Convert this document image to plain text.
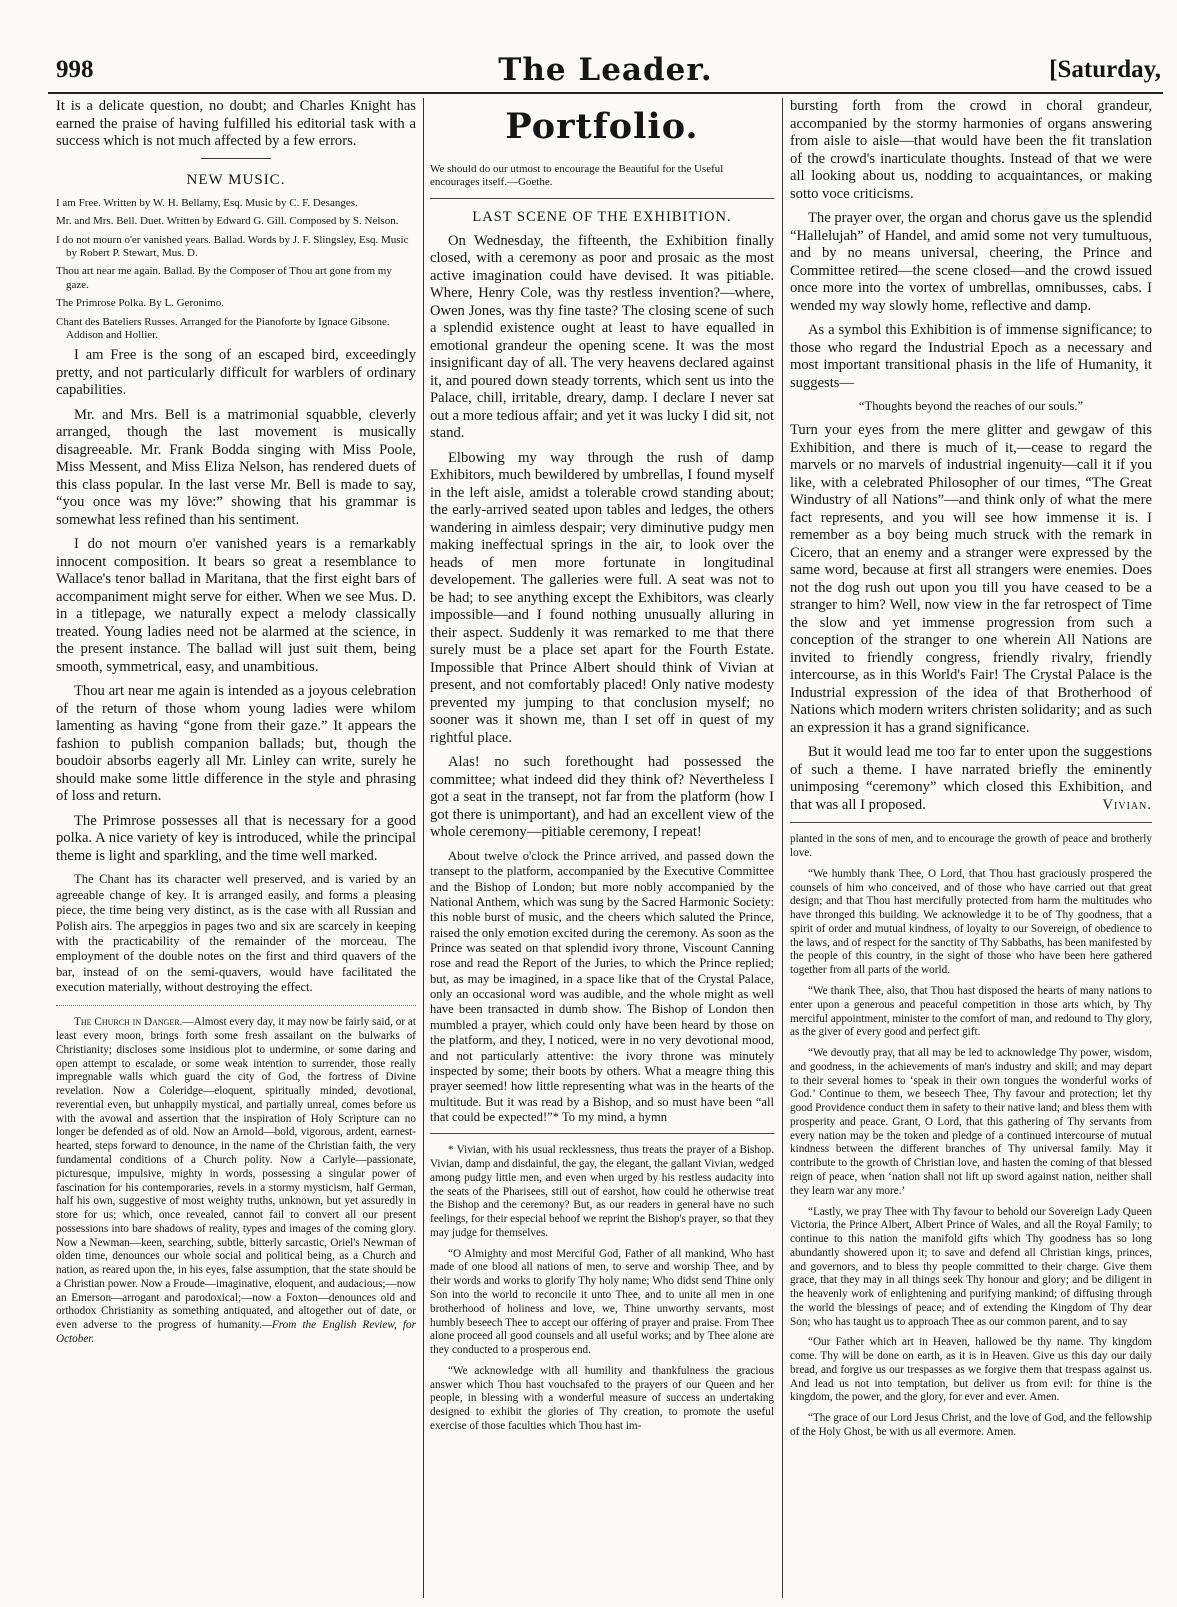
998	The Leader.	[Saturday,

It is a delicate question, no doubt; and Charles Knight has earned the praise of having fulfilled his editorial task with a success which is not much affected by a few errors.

NEW MUSIC.
I am Free. Written by W. H. Bellamy, Esq. Music by C. F. Desanges.
Mr. and Mrs. Bell. Duet. Written by Edward G. Gill. Composed by S. Nelson.
I do not mourn o'er vanished years. Ballad. Words by J. F. Slingsley, Esq. Music by Robert P. Stewart, Mus. D.
Thou art near me again. Ballad. By the Composer of Thou art gone from my gaze.
The Primrose Polka. By L. Geronimo.
Chant des Bateliers Russes. Arranged for the Pianoforte by Ignace Gibsone. Addison and Hollier.

I am Free is the song of an escaped bird, exceedingly pretty, and not particularly difficult for warblers of ordinary capabilities.

Mr. and Mrs. Bell is a matrimonial squabble, cleverly arranged, though the last movement is musically disagreeable. Mr. Frank Bodda singing with Miss Poole, Miss Messent, and Miss Eliza Nelson, has rendered duets of this class popular. In the last verse Mr. Bell is made to say, “you once was my löve:” showing that his grammar is somewhat less refined than his sentiment.

I do not mourn o'er vanished years is a remarkably innocent composition. It bears so great a resemblance to Wallace's tenor ballad in Maritana, that the first eight bars of accompaniment might serve for either. When we see Mus. D. in a titlepage, we naturally expect a melody classically treated. Young ladies need not be alarmed at the science, in the present instance. The ballad will just suit them, being smooth, symmetrical, easy, and unambitious.

Thou art near me again is intended as a joyous celebration of the return of those whom young ladies were whilom lamenting as having “gone from their gaze.” It appears the fashion to publish companion ballads; but, though the boudoir absorbs eagerly all Mr. Linley can write, surely he should make some little difference in the style and phrasing of loss and return.

The Primrose possesses all that is necessary for a good polka. A nice variety of key is introduced, while the principal theme is light and sparkling, and the time well marked.

The Chant has its character well preserved, and is varied by an agreeable change of key. It is arranged easily, and forms a pleasing piece, the time being very distinct, as is the case with all Russian and Polish airs. The arpeggios in pages two and six are scarcely in keeping with the practicability of the remainder of the morceau. The employment of the double notes on the first and third quavers of the bar, instead of on the semi-quavers, would have facilitated the execution materially, without destroying the effect.

The Church in Danger.—Almost every day, it may now be fairly said, or at least every moon, brings forth some fresh assailant on the bulwarks of Christianity; discloses some insidious plot to undermine, or some daring and open attempt to escalade, or some weak intention to surrender, those really impregnable walls which guard the city of God, the fortress of Divine revelation. Now a Coleridge—eloquent, spiritually minded, devotional, reverential even, but unhappily mystical, and partially unreal, comes before us with the avowal and assertion that the inspiration of Holy Scripture can no longer be defended as of old. Now an Arnold—bold, vigorous, ardent, earnest-hearted, steps forward to denounce, in the name of the Christian faith, the very fundamental conditions of a Church polity. Now a Carlyle—passionate, picturesque, impulsive, mighty in words, possessing a singular power of fascination for his contemporaries, revels in a stormy mysticism, half German, half his own, suggestive of most weighty truths, unknown, but yet assuredly in store for us; which, once revealed, cannot fail to convert all our present possessions into bare shadows of reality, types and images of the coming glory. Now a Newman—keen, searching, subtle, bitterly sarcastic, Oriel's Newman of olden time, denounces our whole social and political being, as a Church and nation, as reared upon the, in his eyes, false assumption, that the state should be a Christian power. Now a Froude—imaginative, eloquent, and audacious;—now an Emerson—arrogant and parodoxical;—now a Foxton—denounces old and orthodox Christianity as something antiquated, and altogether out of date, or even adverse to the progress of humanity.—From the English Review, for October.

Portfolio.

We should do our utmost to encourage the Beautiful for the Useful encourages itself.—Goethe.

LAST SCENE OF THE EXHIBITION.

On Wednesday, the fifteenth, the Exhibition finally closed, with a ceremony as poor and prosaic as the most active imagination could have devised. It was pitiable. Where, Henry Cole, was thy restless invention?—where, Owen Jones, was thy fine taste? The closing scene of such a splendid existence ought at least to have equalled in emotional grandeur the opening scene. It was the most insignificant day of all. The very heavens declared against it, and poured down steady torrents, which sent us into the Palace, chill, irritable, dreary, damp. I declare I never sat out a more tedious affair; and yet it was lucky I did sit, not stand.

Elbowing my way through the rush of damp Exhibitors, much bewildered by umbrellas, I found myself in the left aisle, amidst a tolerable crowd standing about; the early-arrived seated upon tables and ledges, the others wandering in aimless despair; very diminutive pudgy men making ineffectual springs in the air, to look over the heads of men more fortunate in longitudinal developement. The galleries were full. A seat was not to be had; to see anything except the Exhibitors, was clearly impossible—and I found nothing unusually alluring in their aspect. Suddenly it was remarked to me that there surely must be a place set apart for the Fourth Estate. Impossible that Prince Albert should think of Vivian at present, and not comfortably placed! Only native modesty prevented my jumping to that conclusion myself; no sooner was it shown me, than I set off in quest of my rightful place.

Alas! no such forethought had possessed the committee; what indeed did they think of? Nevertheless I got a seat in the transept, not far from the platform (how I got there is unimportant), and had an excellent view of the whole ceremony—pitiable ceremony, I repeat!

About twelve o'clock the Prince arrived, and passed down the transept to the platform, accompanied by the Executive Committee and the Bishop of London; but more nobly accompanied by the National Anthem, which was sung by the Sacred Harmonic Society: this noble burst of music, and the cheers which saluted the Prince, raised the only emotion excited during the ceremony. As soon as the Prince was seated on that splendid ivory throne, Viscount Canning rose and read the Report of the Juries, to which the Prince replied; but, as may be imagined, in a space like that of the Crystal Palace, only an occasional word was audible, and the whole might as well have been transacted in dumb show. The Bishop of London then mumbled a prayer, which could only have been heard by those on the platform, and they, I noticed, were in no very devotional mood, and not particularly attentive: the ivory throne was minutely inspected by some; their boots by others. What a meagre thing this prayer seemed! how little representing what was in the hearts of the multitude. But it was read by a Bishop, and so must have been “all that could be expected!”* To my mind, a hymn

* Vivian, with his usual recklessness, thus treats the prayer of a Bishop. Vivian, damp and disdainful, the gay, the elegant, the gallant Vivian, wedged among pudgy little men, and even when urged by his restless audacity into the seats of the Pharisees, still out of earshot, how could he otherwise treat the Bishop and the ceremony? But, as our readers in general have no such feelings, for their especial behoof we reprint the Bishop's prayer, so that they may judge for themselves.

“O Almighty and most Merciful God, Father of all mankind, Who hast made of one blood all nations of men, to serve and worship Thee, and by their words and works to glorify Thy holy name; Who didst send Thine only Son into the world to reconcile it unto Thee, and to unite all men in one brotherhood of holiness and love, we, Thine unworthy servants, most humbly beseech Thee to accept our offering of prayer and praise. From Thee alone proceed all good counsels and all useful works; and by Thee alone are they conducted to a prosperous end.

“We acknowledge with all humility and thankfulness the gracious answer which Thou hast vouchsafed to the prayers of our Queen and her people, in blessing with a wonderful measure of success an undertaking designed to exhibit the glories of Thy creation, to promote the useful exercise of those faculties which Thou hast im-

bursting forth from the crowd in choral grandeur, accompanied by the stormy harmonies of organs answering from aisle to aisle—that would have been the fit translation of the crowd's inarticulate thoughts. Instead of that we were all looking about us, nodding to acquaintances, or making sotto voce criticisms.

The prayer over, the organ and chorus gave us the splendid “Hallelujah” of Handel, and amid some not very tumultuous, and by no means universal, cheering, the Prince and Committee retired—the scene closed—and the crowd issued once more into the vortex of umbrellas, omnibusses, cabs. I wended my way slowly home, reflective and damp.

As a symbol this Exhibition is of immense significance; to those who regard the Industrial Epoch as a necessary and most important transitional phasis in the life of Humanity, it suggests—

“Thoughts beyond the reaches of our souls.”

Turn your eyes from the mere glitter and gewgaw of this Exhibition, and there is much of it,—cease to regard the marvels or no marvels of industrial ingenuity—call it if you like, with a celebrated Philosopher of our times, “The Great Windustry of all Nations”—and think only of what the mere fact represents, and you will see how immense it is. I remember as a boy being much struck with the remark in Cicero, that an enemy and a stranger were expressed by the same word, because at first all strangers were enemies. Does not the dog rush out upon you till you have ceased to be a stranger to him? Well, now view in the far retrospect of Time the slow and yet immense progression from such a conception of the stranger to one wherein All Nations are invited to friendly congress, friendly rivalry, friendly intercourse, as in this World's Fair! The Crystal Palace is the Industrial expression of the idea of that Brotherhood of Nations which modern writers christen solidarity; and as such an expression it has a grand significance.

But it would lead me too far to enter upon the suggestions of such a theme. I have narrated briefly the eminently unimposing “ceremony” which closed this Exhibition, and that was all I proposed.	Vivian.

planted in the sons of men, and to encourage the growth of peace and brotherly love.

“We humbly thank Thee, O Lord, that Thou hast graciously prospered the counsels of him who conceived, and of those who have carried out that great design; and that Thou hast mercifully protected from harm the multitudes who have thronged this building. We acknowledge it to be of Thy goodness, that a spirit of order and mutual kindness, of loyalty to our Sovereign, of obedience to the laws, and of respect for the sanctity of Thy Sabbaths, has been manifested by the people of this country, in the sight of those who have been here gathered together from all parts of the world.

“We thank Thee, also, that Thou hast disposed the hearts of many nations to enter upon a generous and peaceful competition in those arts which, by Thy merciful appointment, minister to the comfort of man, and redound to Thy glory, as the giver of every good and perfect gift.

“We devoutly pray, that all may be led to acknowledge Thy power, wisdom, and goodness, in the achievements of man's industry and skill; and may depart to their several homes to ‘speak in their own tongues the wonderful works of God.’ Continue to them, we beseech Thee, Thy favour and protection; let thy good Providence conduct them in safety to their native land; and bless them with prosperity and peace. Grant, O Lord, that this gathering of Thy servants from every nation may be the token and pledge of a continued intercourse of mutual kindness between the different branches of Thy universal family. May it contribute to the growth of Christian love, and hasten the coming of that blessed reign of peace, when ‘nation shall not lift up sword against nation, neither shall they learn war any more.’

“Lastly, we pray Thee with Thy favour to behold our Sovereign Lady Queen Victoria, the Prince Albert, Albert Prince of Wales, and all the Royal Family; to continue to this nation the manifold gifts which Thy goodness has so long abundantly showered upon it; to save and defend all Christian kings, princes, and governors, and to bless thy people committed to their charge. Give them grace, that they may in all things seek Thy honour and glory; and be diligent in the heavenly work of enlightening and purifying mankind; of diffusing through the world the blessings of peace; and of extending the Kingdom of Thy dear Son; who has taught us to approach Thee as our common parent, and to say

“Our Father which art in Heaven, hallowed be thy name. Thy kingdom come. Thy will be done on earth, as it is in Heaven. Give us this day our daily bread, and forgive us our trespasses as we forgive them that trespass against us. And lead us not into temptation, but deliver us from evil: for thine is the kingdom, the power, and the glory, for ever and ever. Amen.

“The grace of our Lord Jesus Christ, and the love of God, and the fellowship of the Holy Ghost, be with us all evermore. Amen.
